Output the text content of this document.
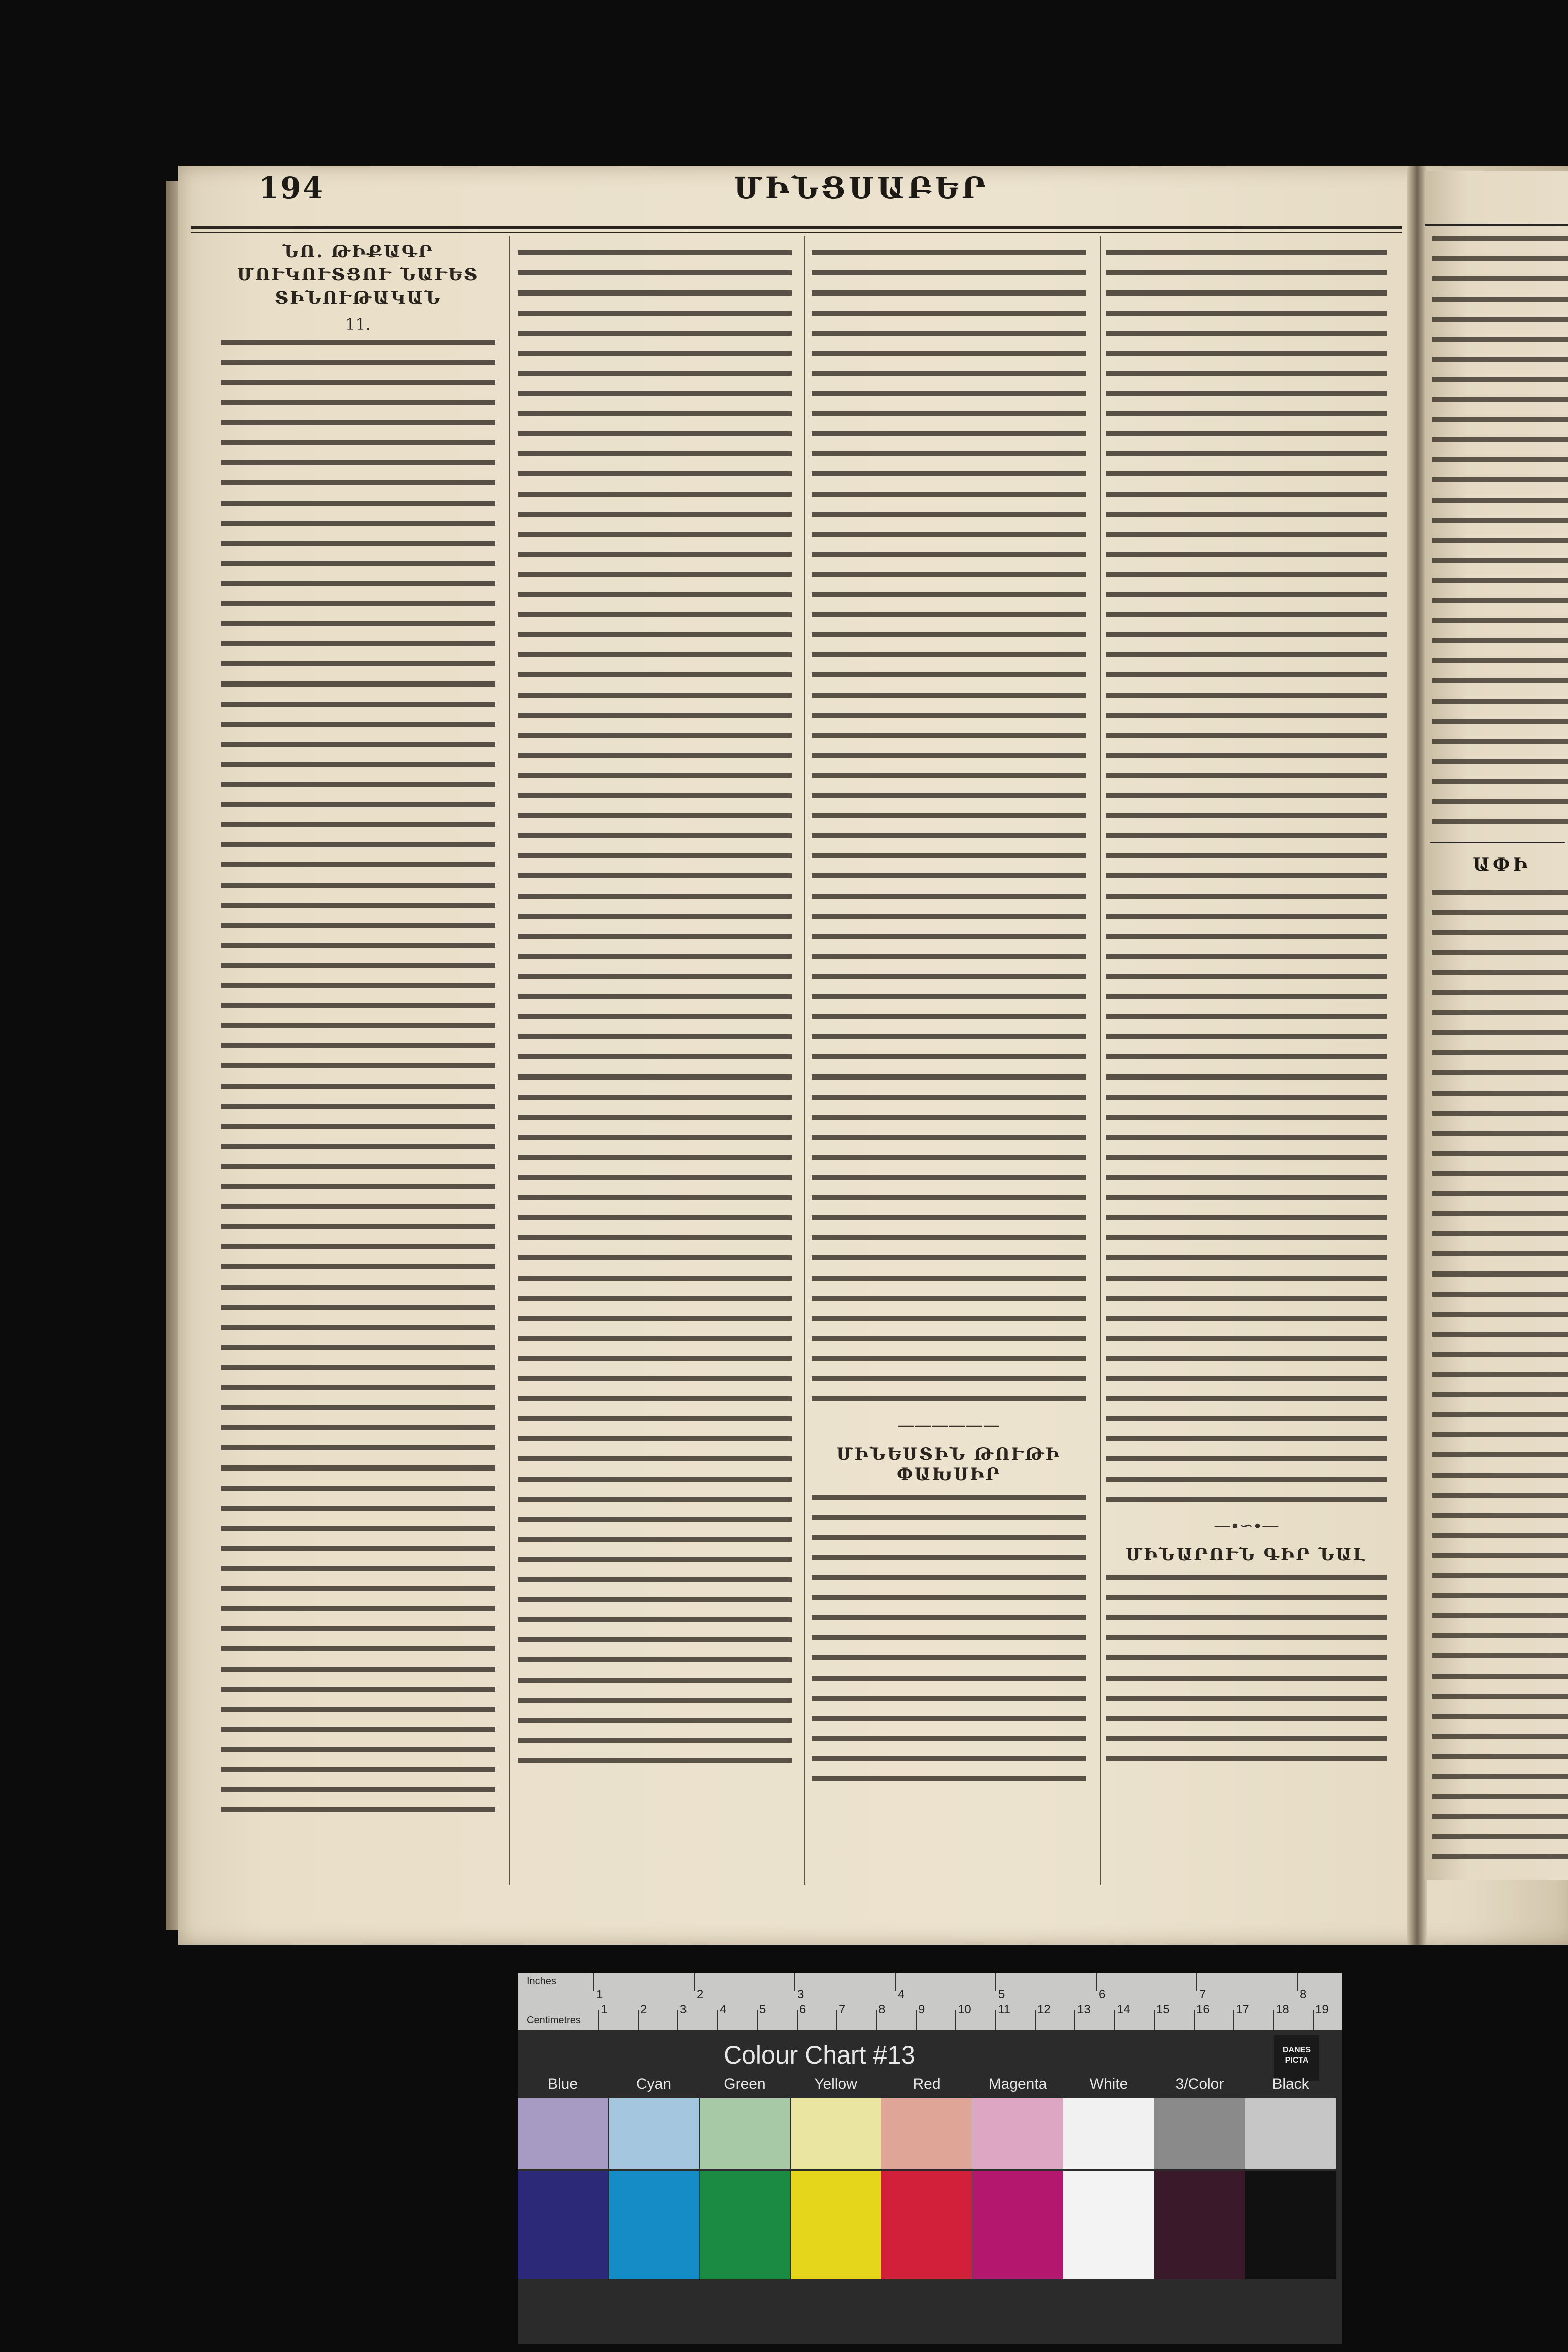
194	ՄԻՆՑՍԱԲԵՐ
ՆՈ. ԹԻՔԱԳՐ ՄՈՒԿՈՒՏՑՈՒ ՆԱՒԵՏ ՏԻՆՈՒԹԱԿԱՆ
11.
——————
ՄԻՆԵՍՏԻՆ ԹՈՒԹԻ ՓԱԽՍԻՐ
—∙∽∙—
ՄԻՆԱՐՈՒՆ ԳԻՐ ՆԱԼ
ԱՓԻ
Inches
Centimetres
1	2	3	4	5	6	7	8
1	2	3	4	5	6	7	8	9	10 11 12 13 14 15 16 17 18 19
Colour Chart #13	DANES
PICTA
Blue	Cyan	Green	Yellow	Red	Magenta	White	3/Color	Black
